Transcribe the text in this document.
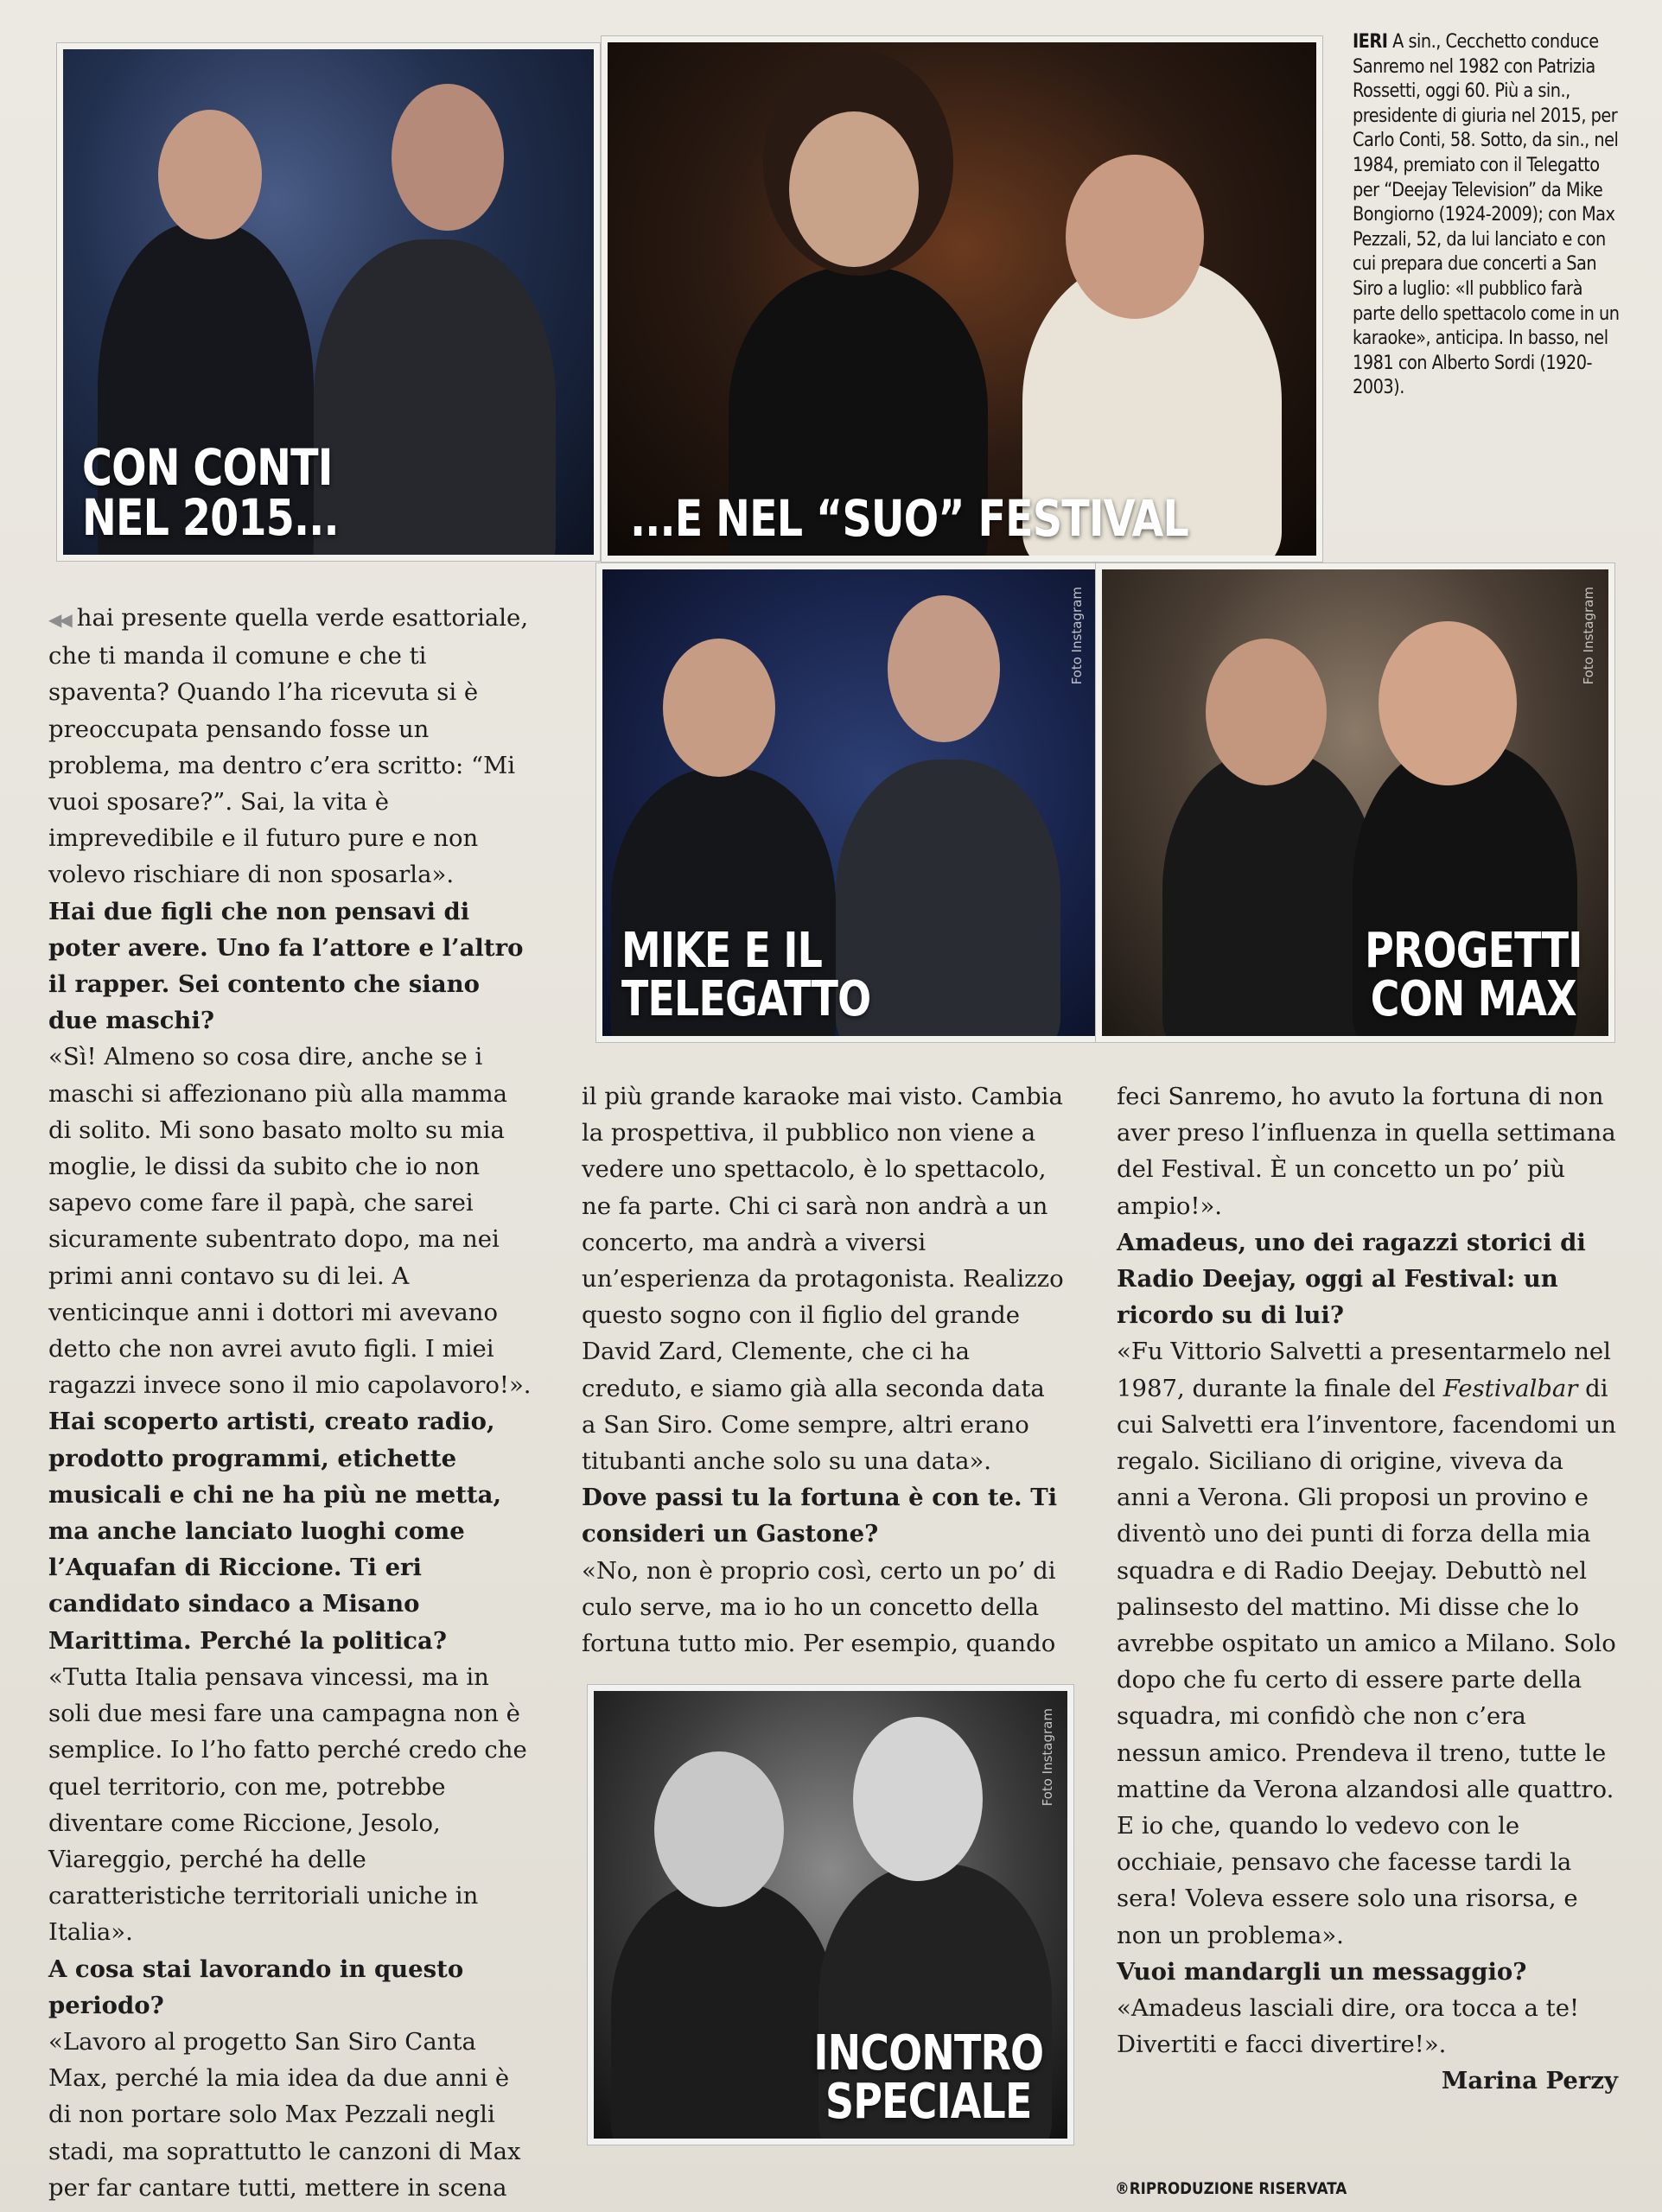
CON CONTI
NEL 2015...	...E NEL “SUO” FESTIVAL
IERI A sin., Cecchetto conduce Sanremo nel 1982 con Patrizia Rossetti, oggi 60. Più a sin., presidente di giuria nel 2015, per Carlo Conti, 58. Sotto, da sin., nel 1984, premiato con il Telegatto per “Deejay Television” da Mike Bongiorno (1924-2009); con Max Pezzali, 52, da lui lanciato e con cui prepara due concerti a San Siro a luglio: «Il pubblico farà parte dello spettacolo come in un karaoke», anticipa. In basso, nel 1981 con Alberto Sordi (1920-2003).
Foto Instagram
MIKE E IL
TELEGATTO
Foto Instagram
PROGETTI
CON MAX
Foto Instagram
INCONTRO
SPECIALE

◀◀ hai presente quella verde esattoriale, che ti manda il comune e che ti spaventa? Quando l’ha ricevuta si è preoccupata pensando fosse un problema, ma dentro c’era scritto: “Mi vuoi sposare?”. Sai, la vita è imprevedibile e il futuro pure e non volevo rischiare di non sposarla».

Hai due figli che non pensavi di poter avere. Uno fa l’attore e l’altro il rapper. Sei contento che siano due maschi?

«Sì! Almeno so cosa dire, anche se i maschi si affezionano più alla mamma di solito. Mi sono basato molto su mia moglie, le dissi da subito che io non sapevo come fare il papà, che sarei sicuramente subentrato dopo, ma nei primi anni contavo su di lei. A venticinque anni i dottori mi avevano detto che non avrei avuto figli. I miei ragazzi invece sono il mio capolavoro!».

Hai scoperto artisti, creato radio, prodotto programmi, etichette musicali e chi ne ha più ne metta, ma anche lanciato luoghi come l’Aquafan di Riccione. Ti eri candidato sindaco a Misano Marittima. Perché la politica?

«Tutta Italia pensava vincessi, ma in soli due mesi fare una campagna non è semplice. Io l’ho fatto perché credo che quel territorio, con me, potrebbe diventare come Riccione, Jesolo, Viareggio, perché ha delle caratteristiche territoriali uniche in Italia».

A cosa stai lavorando in questo periodo?

«Lavoro al progetto San Siro Canta Max, perché la mia idea da due anni è di non portare solo Max Pezzali negli stadi, ma soprattutto le canzoni di Max per far cantare tutti, mettere in scena

il più grande karaoke mai visto. Cambia la prospettiva, il pubblico non viene a vedere uno spettacolo, è lo spettacolo, ne fa parte. Chi ci sarà non andrà a un concerto, ma andrà a viversi un’esperienza da protagonista. Realizzo questo sogno con il figlio del grande David Zard, Clemente, che ci ha creduto, e siamo già alla seconda data a San Siro. Come sempre, altri erano titubanti anche solo su una data».

Dove passi tu la fortuna è con te. Ti consideri un Gastone?

«No, non è proprio così, certo un po’ di culo serve, ma io ho un concetto della fortuna tutto mio. Per esempio, quando

feci Sanremo, ho avuto la fortuna di non aver preso l’influenza in quella settimana del Festival. È un concetto un po’ più ampio!».

Amadeus, uno dei ragazzi storici di Radio Deejay, oggi al Festival: un ricordo su di lui?

«Fu Vittorio Salvetti a presentarmelo nel 1987, durante la finale del Festivalbar di cui Salvetti era l’inventore, facendomi un regalo. Siciliano di origine, viveva da anni a Verona. Gli proposi un provino e diventò uno dei punti di forza della mia squadra e di Radio Deejay. Debuttò nel palinsesto del mattino. Mi disse che lo avrebbe ospitato un amico a Milano. Solo dopo che fu certo di essere parte della squadra, mi confidò che non c’era nessun amico. Prendeva il treno, tutte le mattine da Verona alzandosi alle quattro. E io che, quando lo vedevo con le occhiaie, pensavo che facesse tardi la sera! Voleva essere solo una risorsa, e non un problema».

Vuoi mandargli un messaggio?

«Amadeus lasciali dire, ora tocca a te! Divertiti e facci divertire!».

Marina Perzy

®RIPRODUZIONE RISERVATA
